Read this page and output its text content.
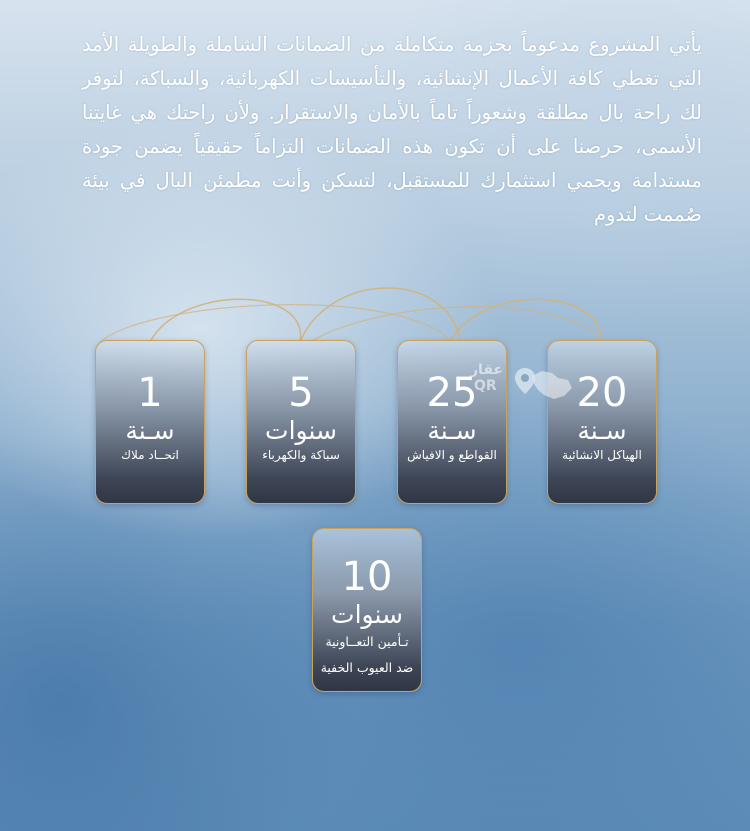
يأتي المشروع مدعوماً بحزمة متكاملة من الضمانات الشاملة والطويلة الأمد التي تغطي كافة الأعمال الإنشائية، والتأسيسات الكهربائية، والسباكة، لتوفر لك راحة بال مطلقة وشعوراً تاماً بالأمان والاستقرار. ولأن راحتك هي غايتنا الأسمى، حرصنا على أن تكون هذه الضمانات التزاماً حقيقياً يضمن جودة مستدامة ويحمي استثمارك للمستقبل، لتسكن وأنت مطمئن البال في بيئة صُممت لتدوم
20
سـنة
الهياكل الانشائية
25
سـنة
القواطع و الافياش
5
سنوات
سباكة والكهرباء
1
سـنة
اتحــاد ملاك
10
سنوات
تـأمين التعــاونية
ضد العيوب الخفية
عقار
QR
